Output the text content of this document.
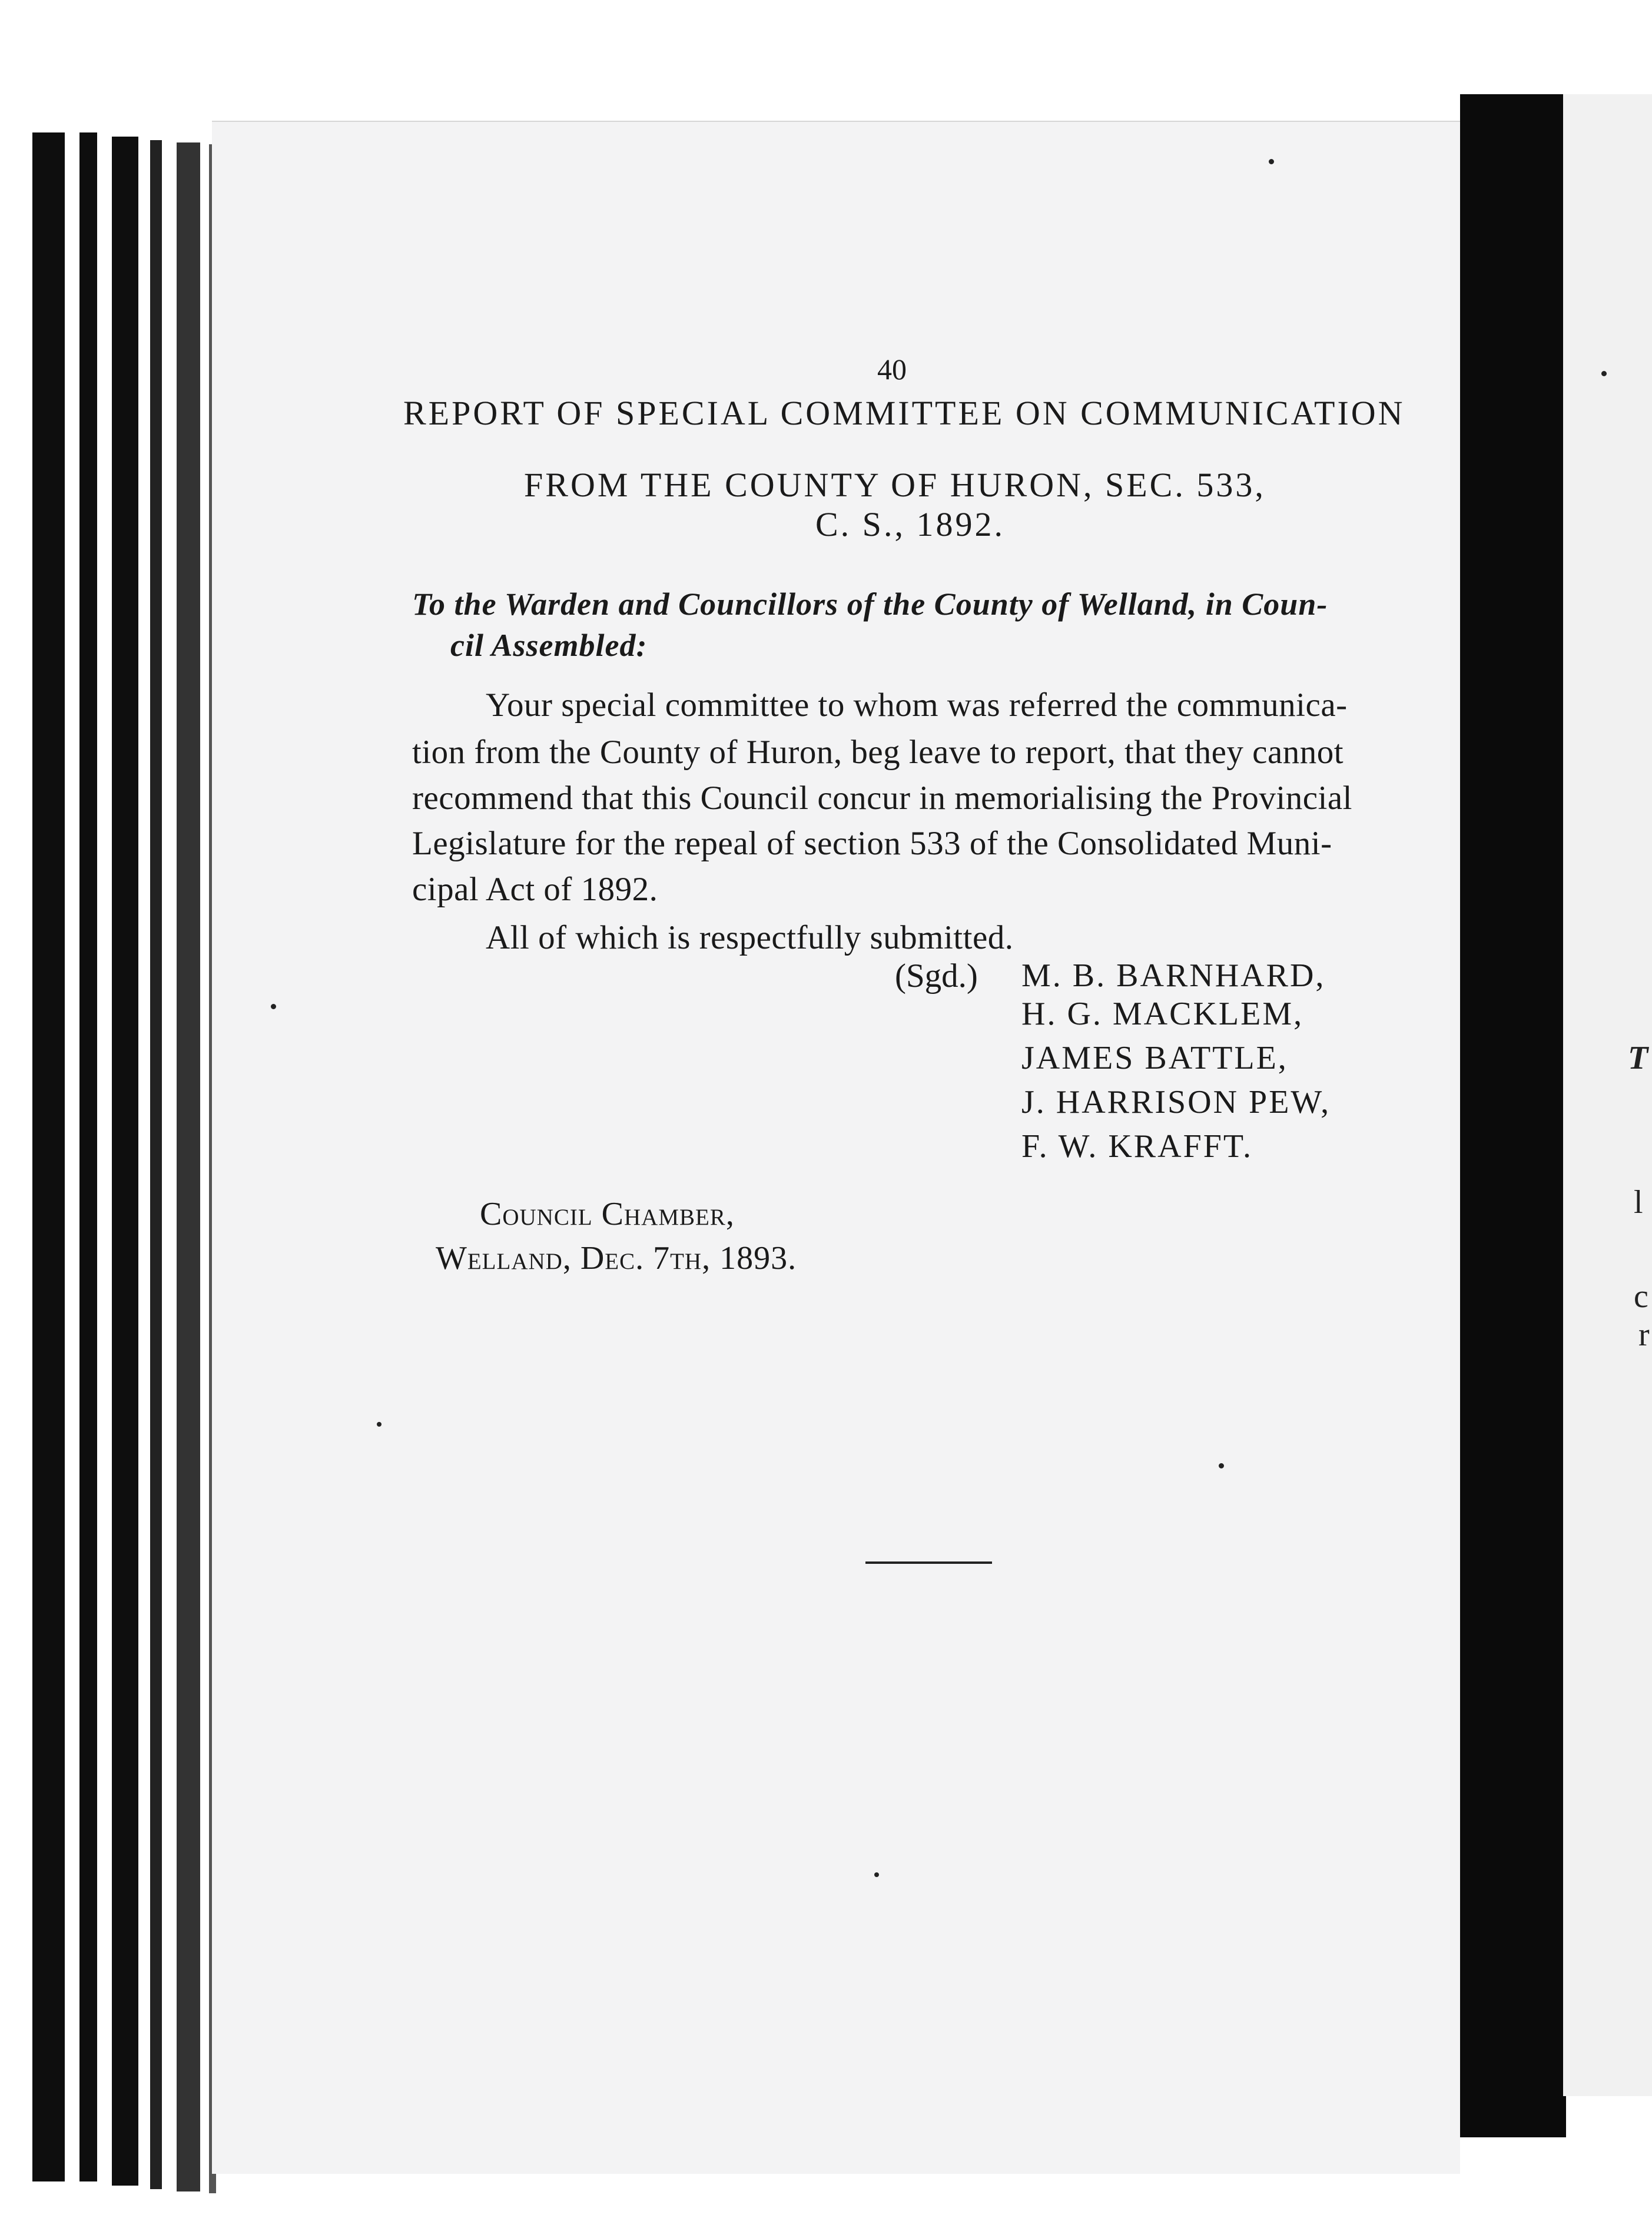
T
l
c
r
40
REPORT OF SPECIAL COMMITTEE ON COMMUNICATION
FROM THE COUNTY OF HURON, SEC. 533,
C. S., 1892.
To the Warden and Councillors of the County of Welland, in Coun-
cil Assembled:
Your special committee to whom was referred the communica-
tion from the County of Huron, beg leave to report, that they cannot
recommend that this Council concur in memorialising the Provincial
Legislature for the repeal of section 533 of the Consolidated Muni-
cipal Act of 1892.
All of which is respectfully submitted.
(Sgd.) M. B. BARNHARD,
H. G. MACKLEM,
JAMES BATTLE,
J. HARRISON PEW,
F. W. KRAFFT.
Council Chamber,
Welland, Dec. 7th, 1893.
